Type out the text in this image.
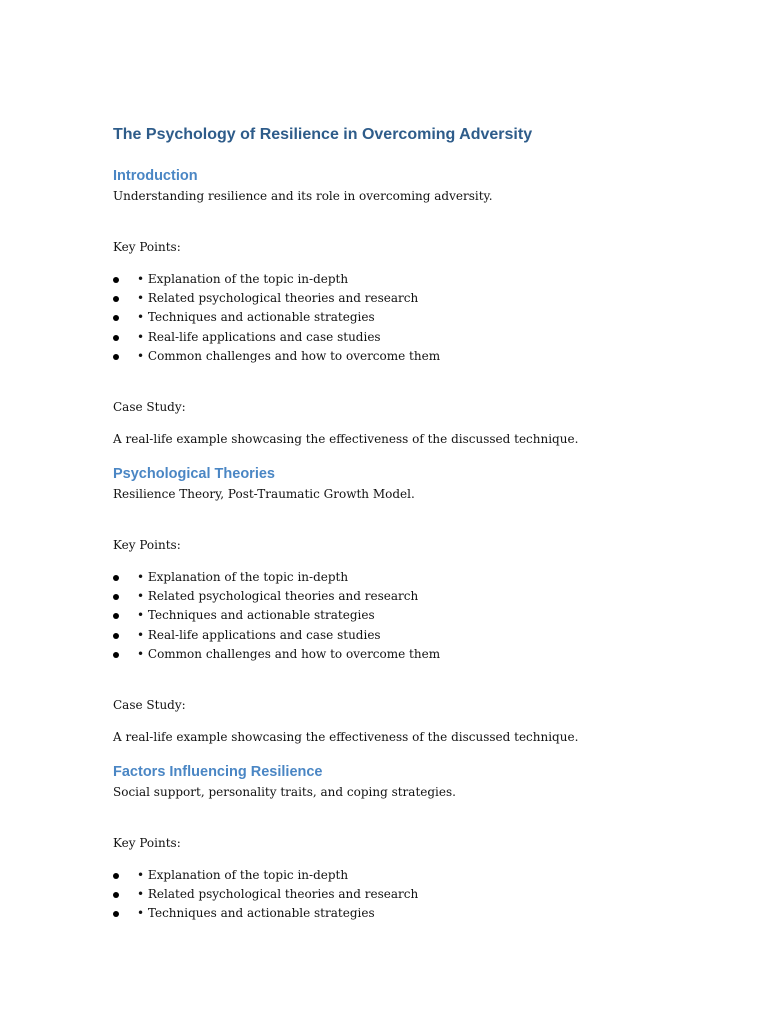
The Psychology of Resilience in Overcoming Adversity
Introduction

Understanding resilience and its role in overcoming adversity.

Key Points:

• Explanation of the topic in-depth
• Related psychological theories and research
• Techniques and actionable strategies
• Real-life applications and case studies
• Common challenges and how to overcome them

Case Study:

A real-life example showcasing the effectiveness of the discussed technique.

Psychological Theories

Resilience Theory, Post-Traumatic Growth Model.

Key Points:

• Explanation of the topic in-depth
• Related psychological theories and research
• Techniques and actionable strategies
• Real-life applications and case studies
• Common challenges and how to overcome them

Case Study:

A real-life example showcasing the effectiveness of the discussed technique.

Factors Influencing Resilience

Social support, personality traits, and coping strategies.

Key Points:

• Explanation of the topic in-depth
• Related psychological theories and research
• Techniques and actionable strategies
